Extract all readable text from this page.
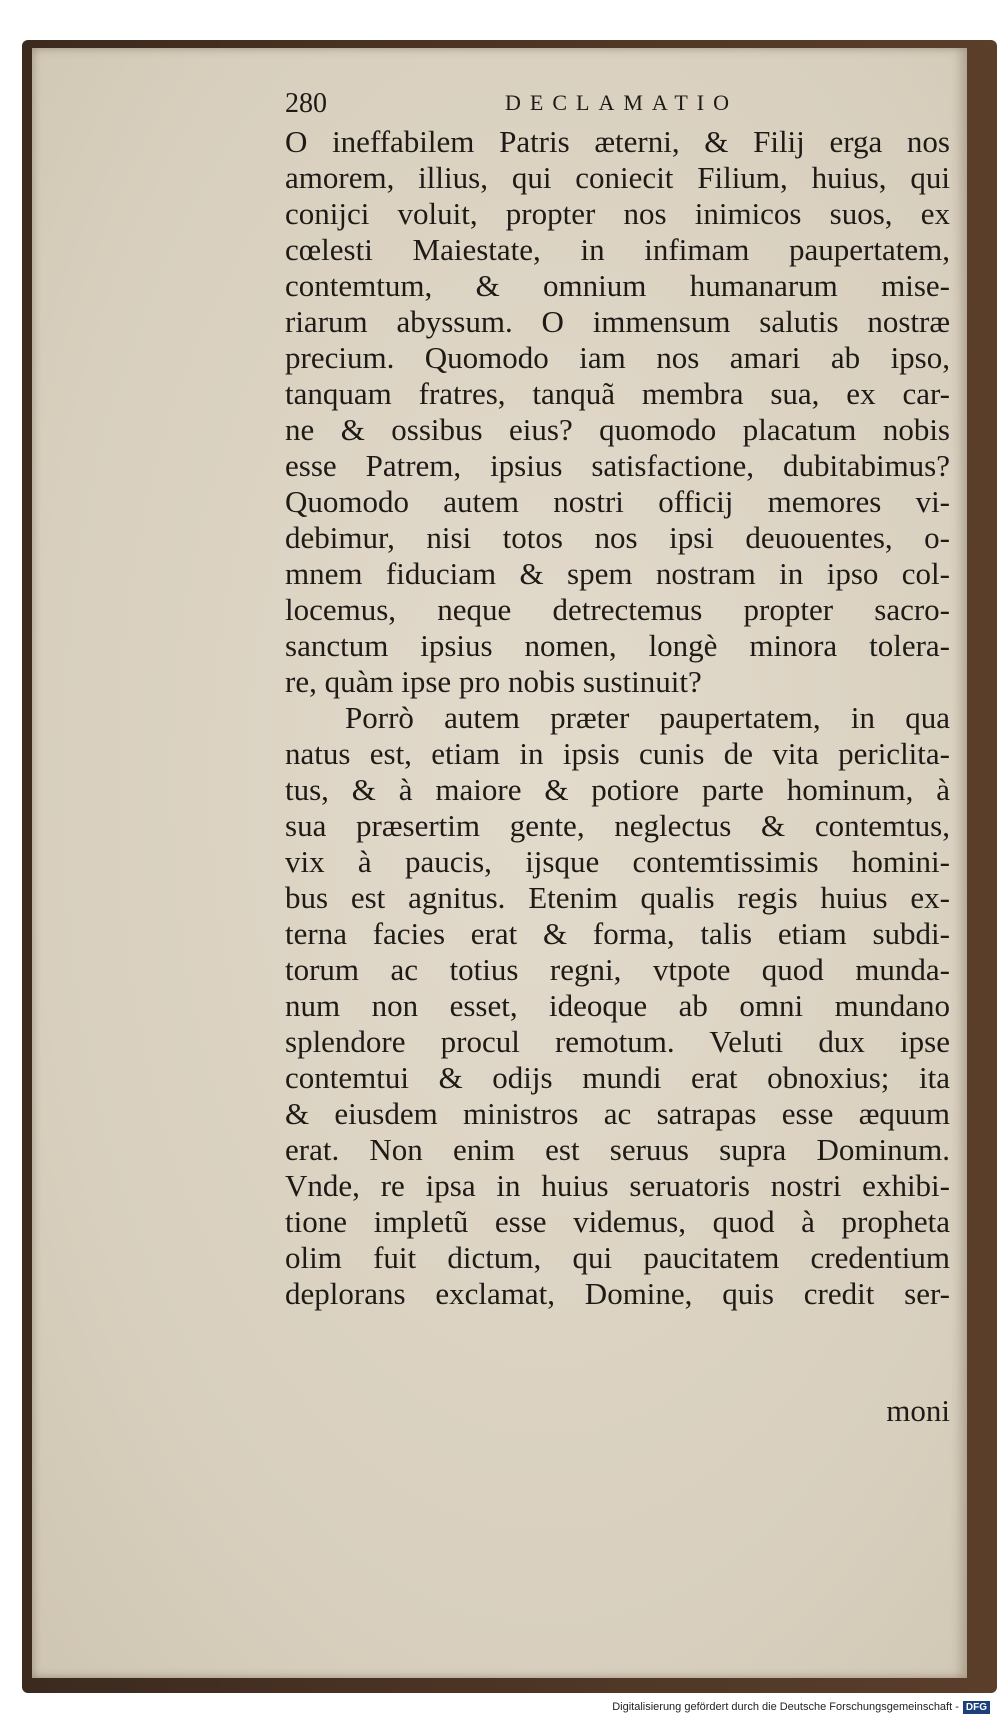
280	DECLAMATIO
O ineffabilem Patris æterni, & Filij erga nos
amorem, illius, qui coniecit Filium, huius, qui
conijci voluit, propter nos inimicos suos, ex
cœlesti Maiestate, in infimam paupertatem,
contemtum, & omnium humanarum mise-
riarum abyssum. O immensum salutis nostræ
precium. Quomodo iam nos amari ab ipso,
tanquam fratres, tanquã membra sua, ex car-
ne & ossibus eius? quomodo placatum nobis
esse Patrem, ipsius satisfactione, dubitabimus?
Quomodo autem nostri officij memores vi-
debimur, nisi totos nos ipsi deuouentes, o-
mnem fiduciam & spem nostram in ipso col-
locemus, neque detrectemus propter sacro-
sanctum ipsius nomen, longè minora tolera-
re, quàm ipse pro nobis sustinuit?
Porrò autem præter paupertatem, in qua
natus est, etiam in ipsis cunis de vita periclita-
tus, & à maiore & potiore parte hominum, à
sua præsertim gente, neglectus & contemtus,
vix à paucis, ijsque contemtissimis homini-
bus est agnitus. Etenim qualis regis huius ex-
terna facies erat & forma, talis etiam subdi-
torum ac totius regni, vtpote quod munda-
num non esset, ideoque ab omni mundano
splendore procul remotum. Veluti dux ipse
contemtui & odijs mundi erat obnoxius; ita
& eiusdem ministros ac satrapas esse æquum
erat. Non enim est seruus supra Dominum.
Vnde, re ipsa in huius seruatoris nostri exhibi-
tione impletũ esse videmus, quod à propheta
olim fuit dictum, qui paucitatem credentium
deplorans exclamat, Domine, quis credit ser-
moni
Digitalisierung gefördert durch die Deutsche Forschungsgemeinschaft - DFG
